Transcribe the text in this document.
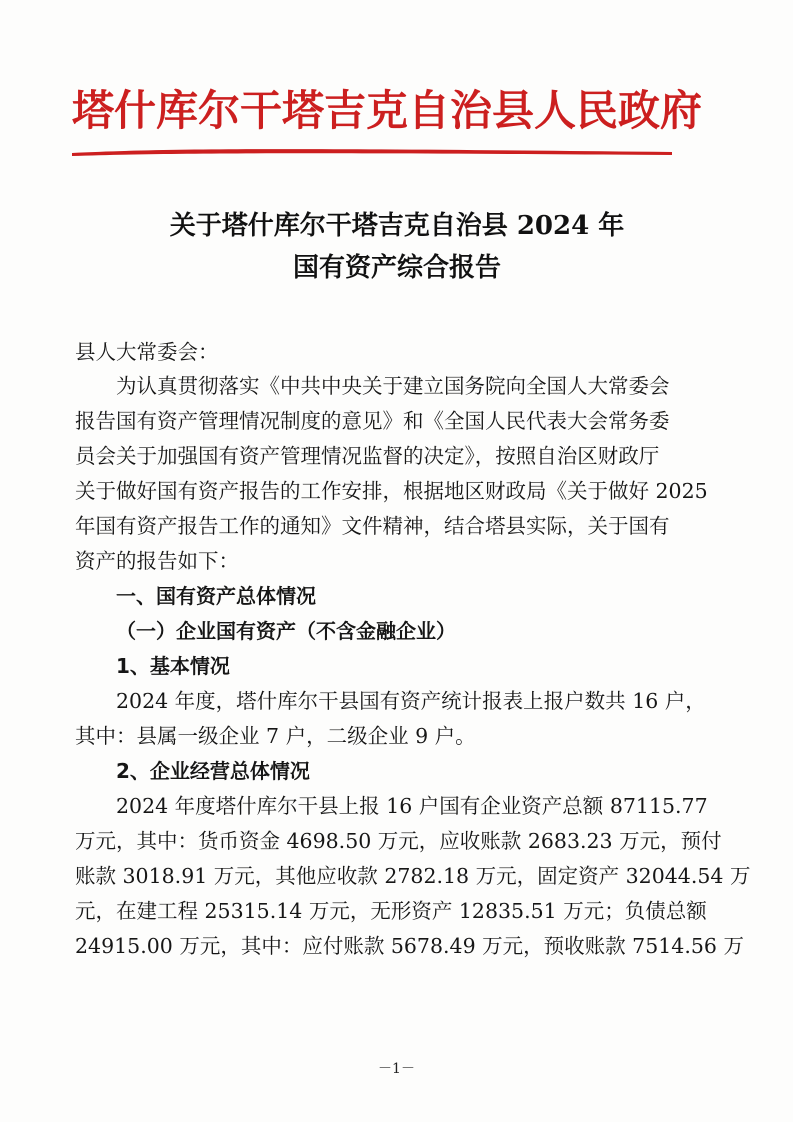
塔什库尔干塔吉克自治县人民政府
关于塔什库尔干塔吉克自治县 2024 年
国有资产综合报告
县人大常委会：
为认真贯彻落实《中共中央关于建立国务院向全国人大常委会
报告国有资产管理情况制度的意见》和《全国人民代表大会常务委
员会关于加强国有资产管理情况监督的决定》，按照自治区财政厅
关于做好国有资产报告的工作安排，根据地区财政局《关于做好 2025
年国有资产报告工作的通知》文件精神，结合塔县实际，关于国有
资产的报告如下：
一、国有资产总体情况
（一）企业国有资产（不含金融企业）
1、基本情况
2024 年度，塔什库尔干县国有资产统计报表上报户数共 16 户，
其中：县属一级企业 7 户，二级企业 9 户。
2、企业经营总体情况
2024 年度塔什库尔干县上报 16 户国有企业资产总额 87115.77
万元，其中：货币资金 4698.50 万元，应收账款 2683.23 万元，预付
账款 3018.91 万元，其他应收款 2782.18 万元，固定资产 32044.54 万
元，在建工程 25315.14 万元，无形资产 12835.51 万元；负债总额
24915.00 万元，其中：应付账款 5678.49 万元，预收账款 7514.56 万
－1－
